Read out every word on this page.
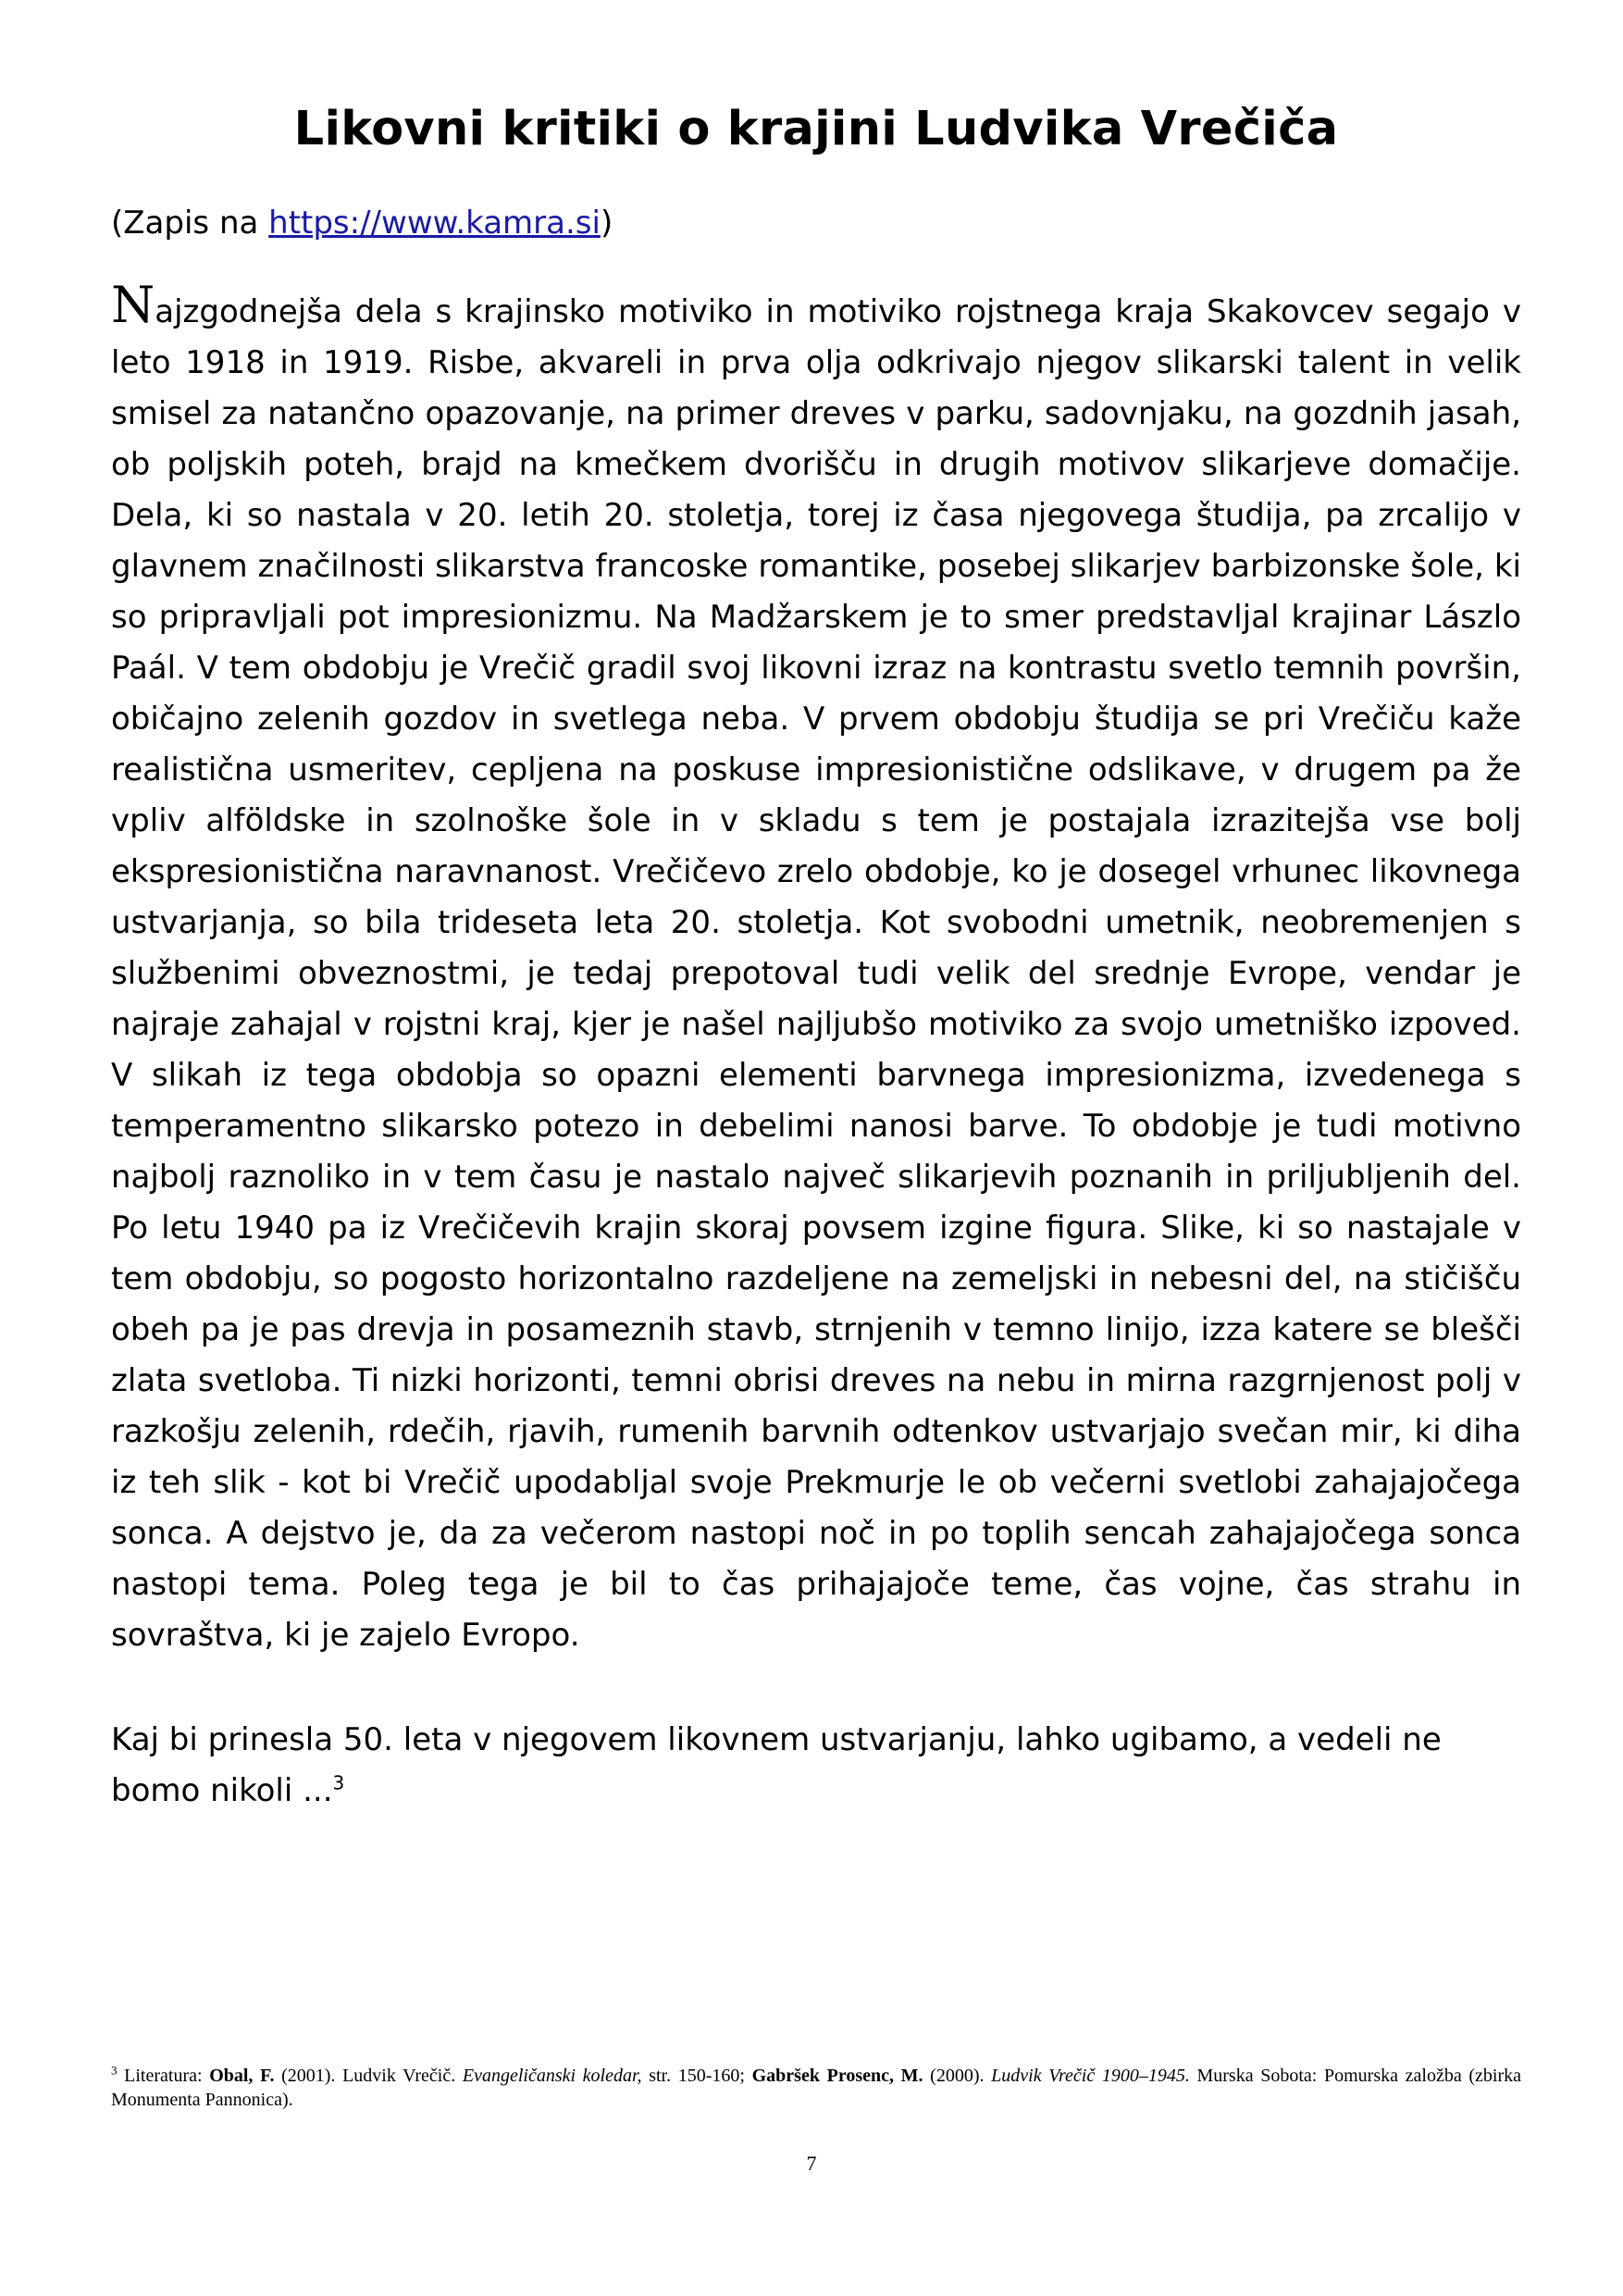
Likovni kritiki o krajini Ludvika Vrečiča
(Zapis na https://www.kamra.si)

Najzgodnejša dela s krajinsko motiviko in motiviko rojstnega kraja Skakovcev segajo v leto 1918 in 1919. Risbe, akvareli in prva olja odkrivajo njegov slikarski talent in velik smisel za natančno opazovanje, na primer dreves v parku, sadovnjaku, na gozdnih jasah, ob poljskih poteh, brajd na kmečkem dvorišču in drugih motivov slikarjeve domačije. Dela, ki so nastala v 20. letih 20. stoletja, torej iz časa njegovega študija, pa zrcalijo v glavnem značilnosti slikarstva francoske romantike, posebej slikarjev barbizonske šole, ki so pripravljali pot impresionizmu. Na Madžarskem je to smer predstavljal krajinar Lászlo Paál. V tem obdobju je Vrečič gradil svoj likovni izraz na kontrastu svetlo temnih površin, običajno zelenih gozdov in svetlega neba. V prvem obdobju študija se pri Vrečiču kaže realistična usmeritev, cepljena na poskuse impresionistične odslikave, v drugem pa že vpliv alföldske in szolnoške šole in v skladu s tem je postajala izrazitejša vse bolj ekspresionistična naravnanost. Vrečičevo zrelo obdobje, ko je dosegel vrhunec likovnega ustvarjanja, so bila trideseta leta 20. stoletja. Kot svobodni umetnik, neobremenjen s službenimi obveznostmi, je tedaj prepotoval tudi velik del srednje Evrope, vendar je najraje zahajal v rojstni kraj, kjer je našel najljubšo motiviko za svojo umetniško izpoved. V slikah iz tega obdobja so opazni elementi barvnega impresionizma, izvedenega s temperamentno slikarsko potezo in debelimi nanosi barve. To obdobje je tudi motivno najbolj raznoliko in v tem času je nastalo največ slikarjevih poznanih in priljubljenih del. Po letu 1940 pa iz Vrečičevih krajin skoraj povsem izgine figura. Slike, ki so nastajale v tem obdobju, so pogosto horizontalno razdeljene na zemeljski in nebesni del, na stičišču obeh pa je pas drevja in posameznih stavb, strnjenih v temno linijo, izza katere se blešči zlata svetloba. Ti nizki horizonti, temni obrisi dreves na nebu in mirna razgrnjenost polj v razkošju zelenih, rdečih, rjavih, rumenih barvnih odtenkov ustvarjajo svečan mir, ki diha iz teh slik - kot bi Vrečič upodabljal svoje Prekmurje le ob večerni svetlobi zahajajočega sonca. A dejstvo je, da za večerom nastopi noč in po toplih sencah zahajajočega sonca nastopi tema. Poleg tega je bil to čas prihajajoče teme, čas vojne, čas strahu in sovraštva, ki je zajelo Evropo.

Kaj bi prinesla 50. leta v njegovem likovnem ustvarjanju, lahko ugibamo, a vedeli ne bomo nikoli ...$^3$

$^3$ Literatura: Obal, F. (2001). Ludvik Vrečič. Evangeličanski koledar, str. 150-160; Gabršek Prosenc, M. (2000). Ludvik Vrečič 1900–1945. Murska Sobota: Pomurska založba (zbirka Monumenta Pannonica).
7
